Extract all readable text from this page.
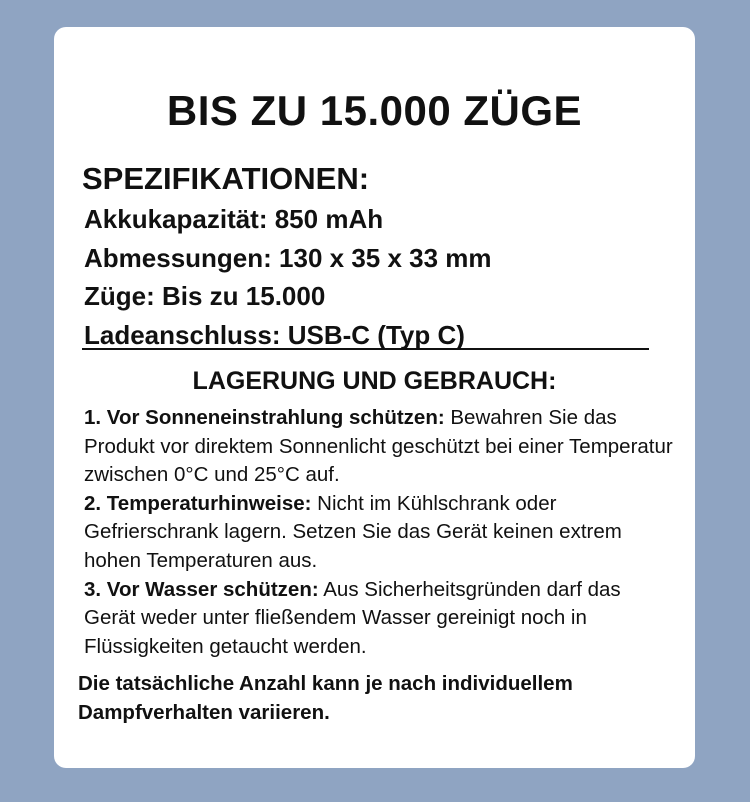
BIS ZU 15.000 ZÜGE
SPEZIFIKATIONEN:
Akkukapazität: 850 mAh
Abmessungen: 130 x 35 x 33 mm
Züge: Bis zu 15.000
Ladeanschluss: USB-C (Typ C)
LAGERUNG UND GEBRAUCH:

1. Vor Sonneneinstrahlung schützen: Bewahren Sie das Produkt vor direktem Sonnenlicht geschützt bei einer Temperatur zwischen 0°C und 25°C auf.

2. Temperaturhinweise: Nicht im Kühlschrank oder Gefrierschrank lagern. Setzen Sie das Gerät keinen extrem hohen Temperaturen aus.

3. Vor Wasser schützen: Aus Sicherheitsgründen darf das Gerät weder unter fließendem Wasser gereinigt noch in Flüssigkeiten getaucht werden.

Die tatsächliche Anzahl kann je nach individuellem Dampfverhalten variieren.
